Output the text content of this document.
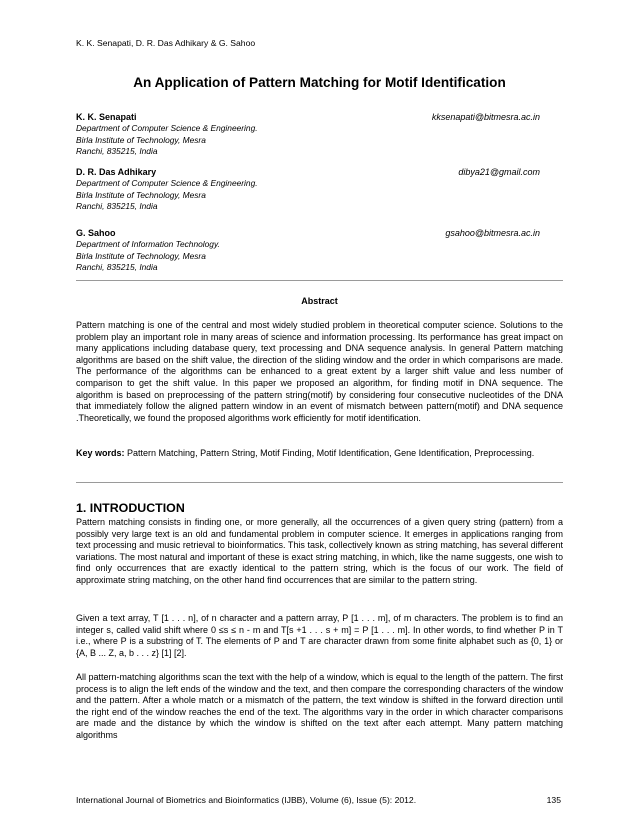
K. K. Senapati, D. R. Das Adhikary & G. Sahoo
An Application of Pattern Matching for Motif Identification
K. K. Senapati	kksenapati@bitmesra.ac.in
Department of Computer Science & Engineering.
Birla Institute of Technology, Mesra
Ranchi, 835215, India
D. R. Das Adhikary	dibya21@gmail.com
Department of Computer Science & Engineering.
Birla Institute of Technology, Mesra
Ranchi, 835215, India
G. Sahoo	gsahoo@bitmesra.ac.in
Department of Information Technology.
Birla Institute of Technology, Mesra
Ranchi, 835215, India
Abstract

Pattern matching is one of the central and most widely studied problem in theoretical computer science. Solutions to the problem play an important role in many areas of science and information processing. Its performance has great impact on many applications including database query, text processing and DNA sequence analysis. In general Pattern matching algorithms are based on the shift value, the direction of the sliding window and the order in which comparisons are made. The performance of the algorithms can be enhanced to a great extent by a larger shift value and less number of comparison to get the shift value. In this paper we proposed an algorithm, for finding motif in DNA sequence. The algorithm is based on preprocessing of the pattern string(motif) by considering four consecutive nucleotides of the DNA that immediately follow the aligned pattern window in an event of mismatch between pattern(motif) and DNA sequence .Theoretically, we found the proposed algorithms work efficiently for motif identification.

Key words: Pattern Matching, Pattern String, Motif Finding, Motif Identification, Gene Identification, Preprocessing.

1. INTRODUCTION

Pattern matching consists in finding one, or more generally, all the occurrences of a given query string (pattern) from a possibly very large text is an old and fundamental problem in computer science. It emerges in applications ranging from text processing and music retrieval to bioinformatics. This task, collectively known as string matching, has several different variations. The most natural and important of these is exact string matching, in which, like the name suggests, one wish to find only occurrences that are exactly identical to the pattern string, which is the focus of our work. The field of approximate string matching, on the other hand find occurrences that are similar to the pattern string.

Given a text array, T [1 . . . n], of n character and a pattern array, P [1 . . . m], of m characters. The problem is to find an integer s, called valid shift where 0 ≤s ≤ n - m and T[s +1 . . . s + m] = P [1 . . . m]. In other words, to find whether P in T i.e., where P is a substring of T. The elements of P and T are character drawn from some finite alphabet such as {0, 1} or {A, B ... Z, a, b . . . z} [1] [2].

All pattern-matching algorithms scan the text with the help of a window, which is equal to the length of the pattern. The first process is to align the left ends of the window and the text, and then compare the corresponding characters of the window and the pattern. After a whole match or a mismatch of the pattern, the text window is shifted in the forward direction until the right end of the window reaches the end of the text. The algorithms vary in the order in which character comparisons are made and the distance by which the window is shifted on the text after each attempt. Many pattern matching algorithms

International Journal of Biometrics and Bioinformatics (IJBB), Volume (6), Issue (5): 2012.	135
